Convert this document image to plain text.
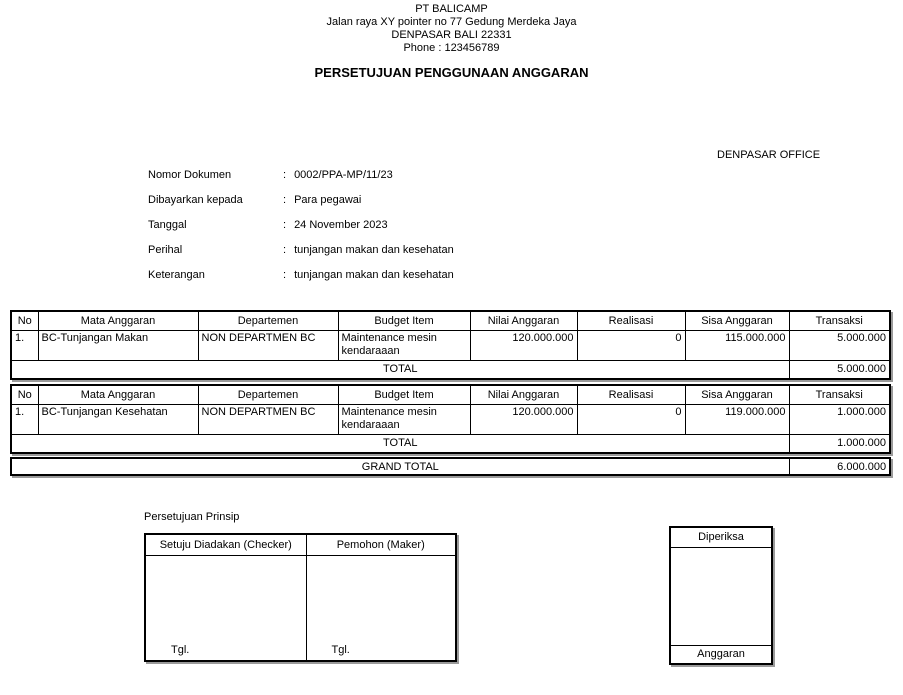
PT BALICAMP
Jalan raya XY pointer no 77 Gedung Merdeka Jaya
DENPASAR BALI 22331
Phone : 123456789
PERSETUJUAN PENGGUNAAN ANGGARAN
DENPASAR OFFICE
Nomor Dokumen	: 0002/PPA-MP/11/23
Dibayarkan kepada	: Para pegawai
Tanggal	: 24 November 2023
Perihal	: tunjangan makan dan kesehatan
Keterangan	: tunjangan makan dan kesehatan
No	Mata Anggaran	Departemen	Budget Item	Nilai Anggaran	Realisasi	Sisa Anggaran	Transaksi
1.	BC-Tunjangan Makan	NON DEPARTMEN BC	Maintenance mesin kendaraaan	120.000.000	0	115.000.000	5.000.000
TOTAL							5.000.000
No	Mata Anggaran	Departemen	Budget Item	Nilai Anggaran	Realisasi	Sisa Anggaran	Transaksi
1.	BC-Tunjangan Kesehatan	NON DEPARTMEN BC	Maintenance mesin kendaraaan	120.000.000	0	119.000.000	1.000.000
TOTAL							1.000.000
GRAND TOTAL	6.000.000
Persetujuan Prinsip
Setuju Diadakan (Checker)	Pemohon (Maker)
Tgl.	Tgl.
Diperiksa
Anggaran
